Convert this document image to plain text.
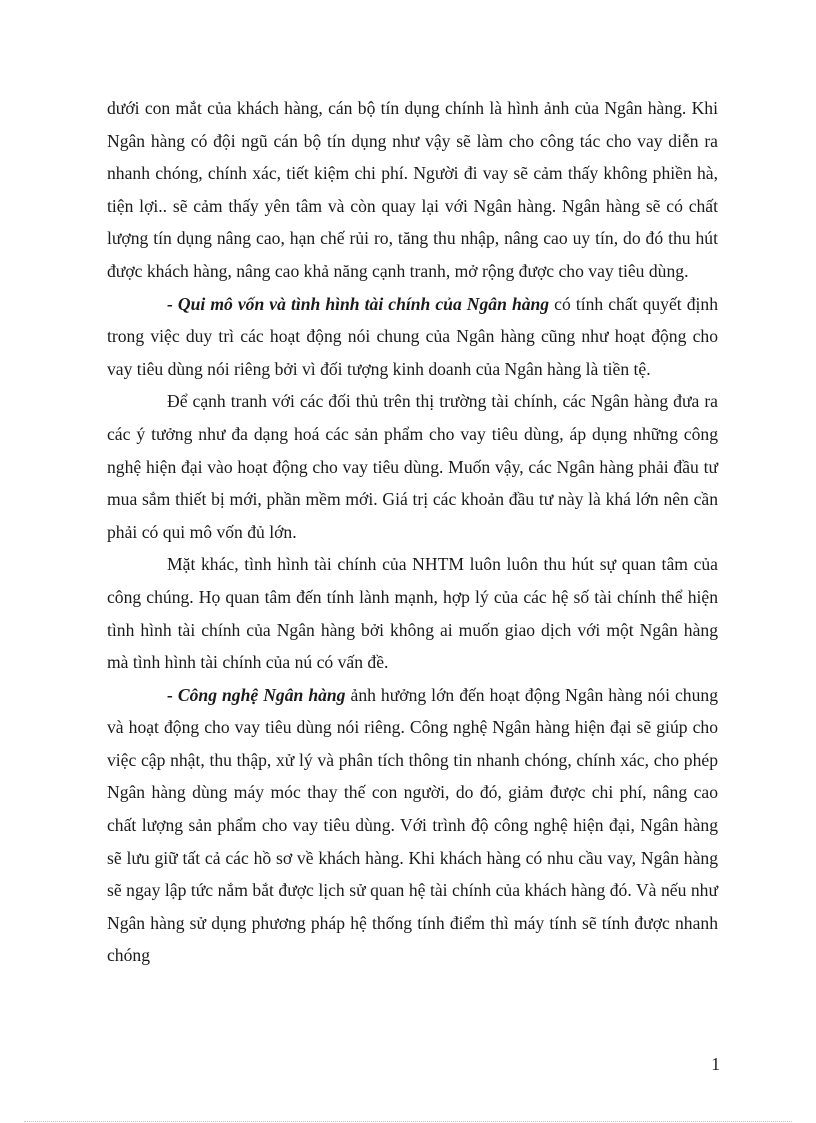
dưới con mắt của khách hàng, cán bộ tín dụng chính là hình ảnh của Ngân hàng. Khi Ngân hàng có đội ngũ cán bộ tín dụng như vậy sẽ làm cho công tác cho vay diễn ra nhanh chóng, chính xác, tiết kiệm chi phí. Người đi vay sẽ cảm thấy không phiền hà, tiện lợi.. sẽ cảm thấy yên tâm và còn quay lại với Ngân hàng. Ngân hàng sẽ có chất lượng tín dụng nâng cao, hạn chế rủi ro, tăng thu nhập, nâng cao uy tín, do đó thu hút được khách hàng, nâng cao khả năng cạnh tranh, mở rộng được cho vay tiêu dùng.

- Qui mô vốn và tình hình tài chính của Ngân hàng có tính chất quyết định trong việc duy trì các hoạt động nói chung của Ngân hàng cũng như hoạt động cho vay tiêu dùng nói riêng bởi vì đối tượng kinh doanh của Ngân hàng là tiền tệ.

Để cạnh tranh với các đối thủ trên thị trường tài chính, các Ngân hàng đưa ra các ý tưởng như đa dạng hoá các sản phẩm cho vay tiêu dùng, áp dụng những công nghệ hiện đại vào hoạt động cho vay tiêu dùng. Muốn vậy, các Ngân hàng phải đầu tư mua sắm thiết bị mới, phần mềm mới. Giá trị các khoản đầu tư này là khá lớn nên cần phải có qui mô vốn đủ lớn.

Mặt khác, tình hình tài chính của NHTM luôn luôn thu hút sự quan tâm của công chúng. Họ quan tâm đến tính lành mạnh, hợp lý của các hệ số tài chính thể hiện tình hình tài chính của Ngân hàng bởi không ai muốn giao dịch với một Ngân hàng mà tình hình tài chính của nú có vấn đề.

- Công nghệ Ngân hàng ảnh hưởng lớn đến hoạt động Ngân hàng nói chung và hoạt động cho vay tiêu dùng nói riêng. Công nghệ Ngân hàng hiện đại sẽ giúp cho việc cập nhật, thu thập, xử lý và phân tích thông tin nhanh chóng, chính xác, cho phép Ngân hàng dùng máy móc thay thế con người, do đó, giảm được chi phí, nâng cao chất lượng sản phẩm cho vay tiêu dùng. Với trình độ công nghệ hiện đại, Ngân hàng sẽ lưu giữ tất cả các hồ sơ về khách hàng. Khi khách hàng có nhu cầu vay, Ngân hàng sẽ ngay lập tức nắm bắt được lịch sử quan hệ tài chính của khách hàng đó. Và nếu như Ngân hàng sử dụng phương pháp hệ thống tính điểm thì máy tính sẽ tính được nhanh chóng

1
